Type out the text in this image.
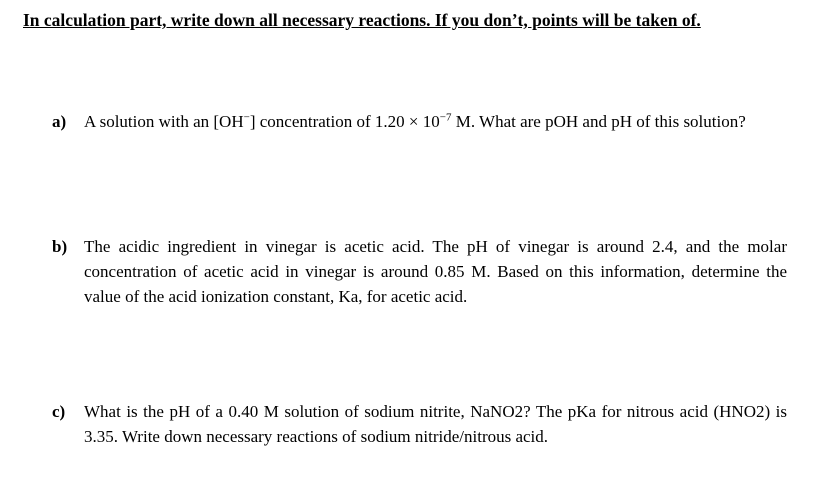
In calculation part, write down all necessary reactions. If you don’t, points will be taken of.

a)	A solution with an [OH−] concentration of $1.20 \times 10^{-7}$ M. What are pOH and pH of this solution?
b) The acidic ingredient in vinegar is acetic acid. The pH of vinegar is around 2.4, and the molar concentration of acetic acid in vinegar is around 0.85 M. Based on this information, determine the value of the acid ionization constant, Ka, for acetic acid.
c)	What is the pH of a 0.40 M solution of sodium nitrite, NaNO2? The pKa for nitrous acid (HNO2) is 3.35. Write down necessary reactions of sodium nitride/nitrous acid.
